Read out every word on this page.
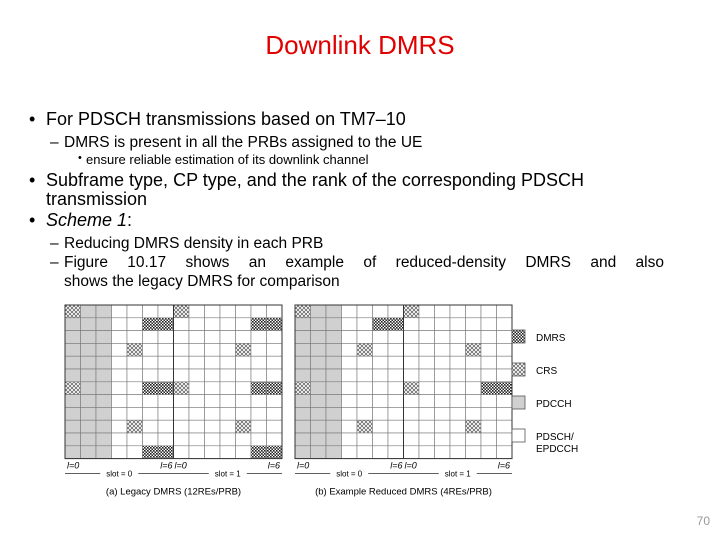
Downlink DMRS
• For PDSCH transmissions based on TM7–10
– DMRS is present in all the PRBs assigned to the UE
• ensure reliable estimation of its downlink channel
• Subframe type, CP type, and the rank of the corresponding PDSCH
transmission
• Scheme 1:
– Reducing DMRS density in each PRB
– Figure 10.17 shows an example of reduced-density DMRS and also
shows the legacy DMRS for comparison
l=0	l=6 l=0	l=6
slot = 0	slot = 1
(a) Legacy DMRS (12REs/PRB)
l=0	l=6 l=0	l=6
slot = 0	slot = 1
(b) Example Reduced DMRS (4REs/PRB)
DMRS
CRS
PDCCH
PDSCH/
EPDCCH
70
